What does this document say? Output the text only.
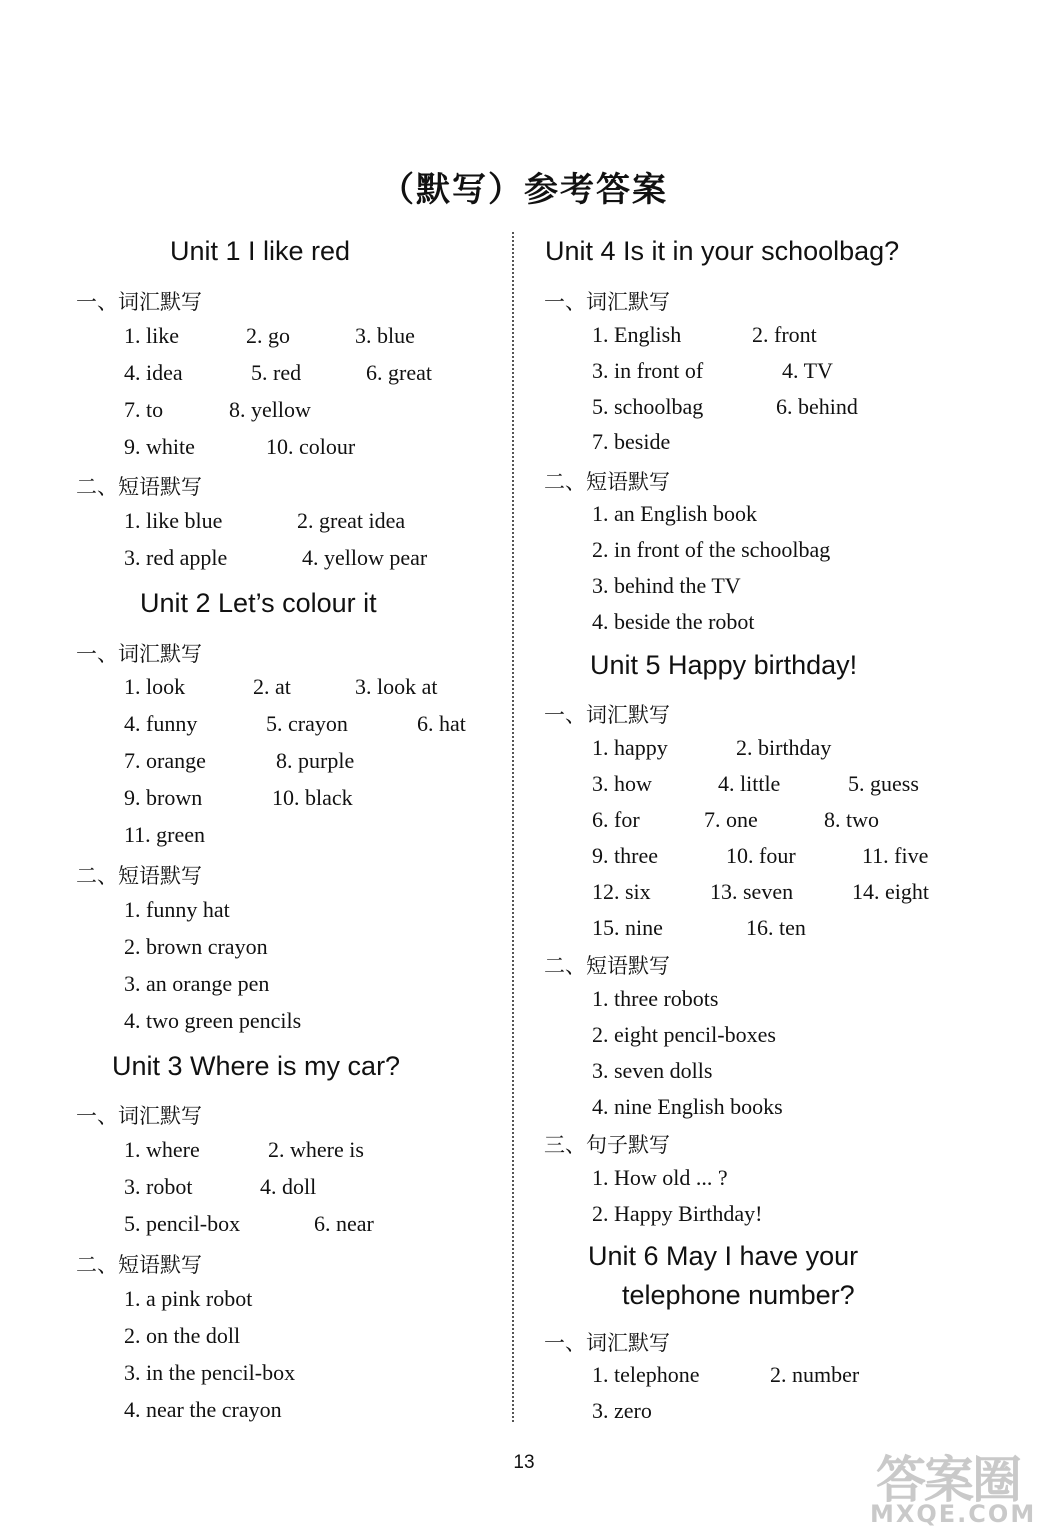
（默写）参考答案
Unit 1 I like red
一、词汇默写
1. like	2. go	3. blue
4. idea	5. red	6. great
7. to	8. yellow
9. white	10. colour
二、短语默写
1. like blue	2. great idea
3. red apple	4. yellow pear
Unit 2 Let’s colour it
一、词汇默写
1. look	2. at	3. look at
4. funny	5. crayon	6. hat
7. orange	8. purple
9. brown	10. black
11. green
二、短语默写
1. funny hat
2. brown crayon
3. an orange pen
4. two green pencils
Unit 3 Where is my car?
一、词汇默写
1. where	2. where is
3. robot	4. doll
5. pencil-box	6. near
二、短语默写
1. a pink robot
2. on the doll
3. in the pencil-box
4. near the crayon
Unit 4 Is it in your schoolbag?
一、词汇默写
1. English	2. front
3. in front of	4. TV
5. schoolbag	6. behind
7. beside
二、短语默写
1. an English book
2. in front of the schoolbag
3. behind the TV
4. beside the robot
Unit 5 Happy birthday!
一、词汇默写
1. happy	2. birthday
3. how	4. little	5. guess
6. for	7. one	8. two
9. three	10. four	11. five
12. six	13. seven	14. eight
15. nine	16. ten
二、短语默写
1. three robots
2. eight pencil-boxes
3. seven dolls
4. nine English books
三、句子默写
1. How old ... ?
2. Happy Birthday!
Unit 6 May I have your
telephone number?
一、词汇默写
1. telephone	2. number
3. zero
13	答案圈
MXQE.COM
